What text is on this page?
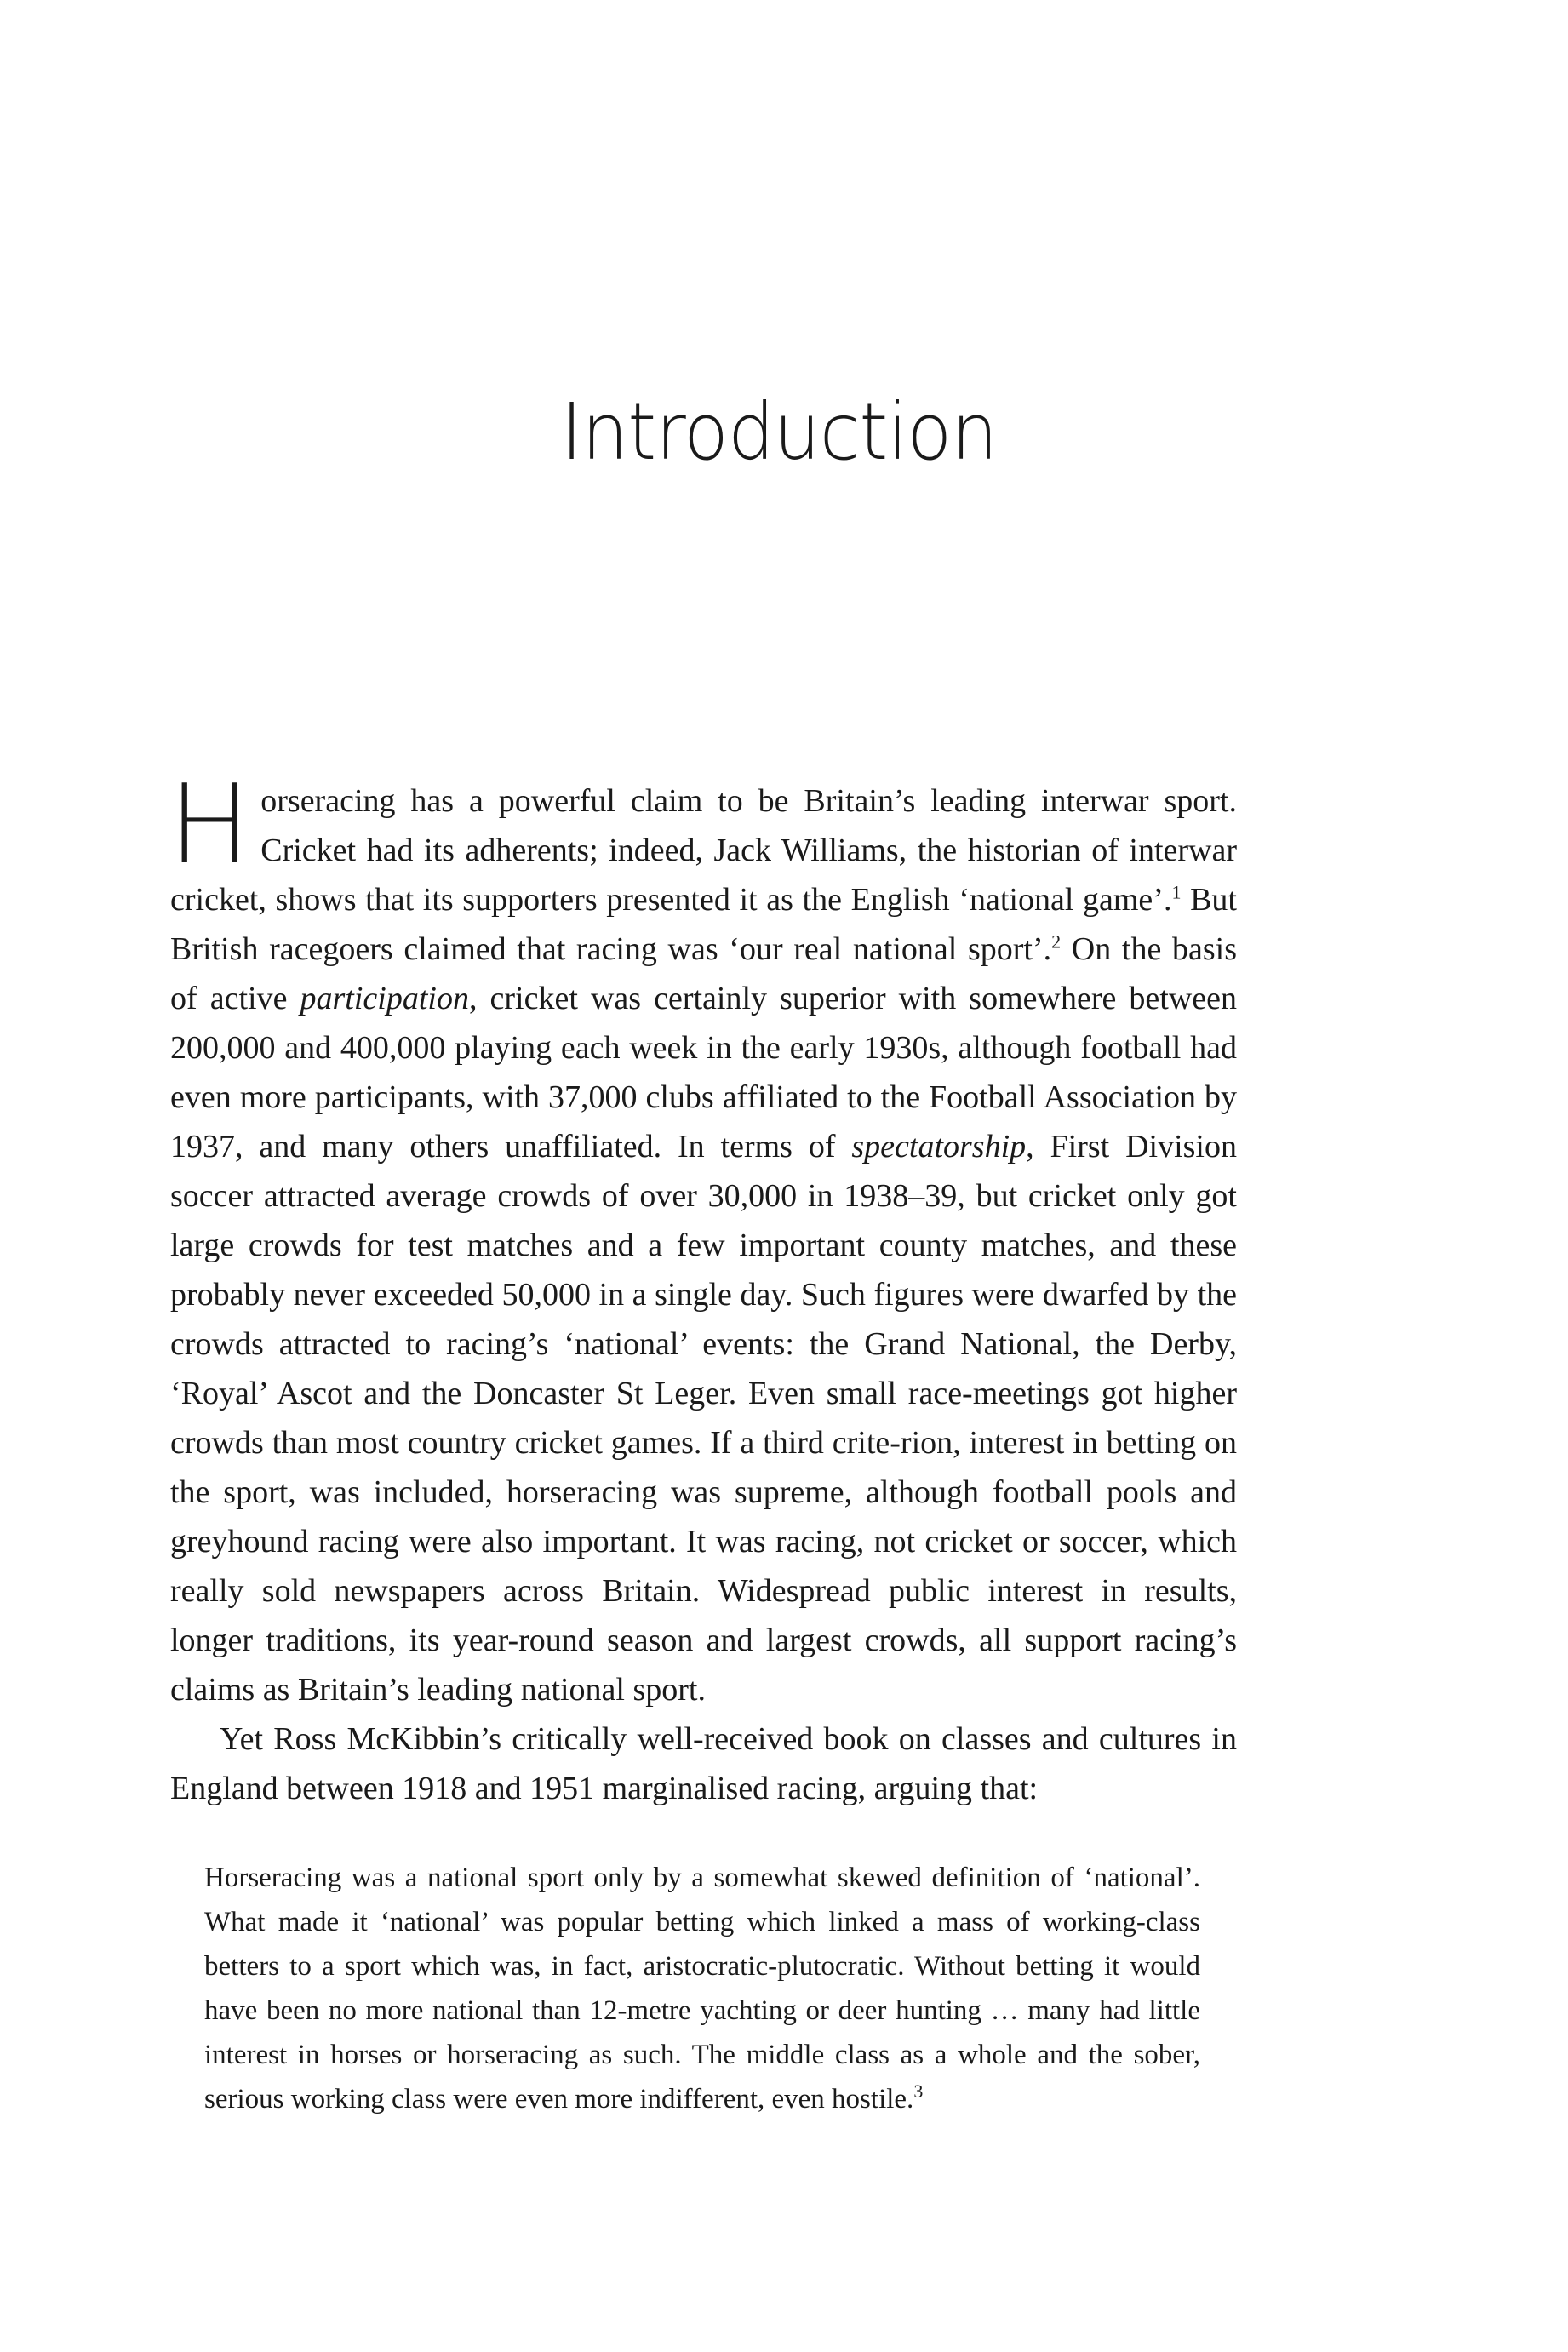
Introduction

Horseracing has a powerful claim to be Britain’s leading interwar sport. Cricket had its adherents; indeed, Jack Williams, the historian of interwar cricket, shows that its supporters presented it as the English ‘national game’.$^1$ But British racegoers claimed that racing was ‘our real national sport’.$^2$ On the basis of active participation, cricket was certainly superior with somewhere between 200,000 and 400,000 playing each week in the early 1930s, although football had even more participants, with 37,000 clubs affiliated to the Football Association by 1937, and many others unaffiliated. In terms of spectatorship, First Division soccer attracted average crowds of over 30,000 in 1938–39, but cricket only got large crowds for test matches and a few important county matches, and these probably never exceeded 50,000 in a single day. Such figures were dwarfed by the crowds attracted to racing’s ‘national’ events: the Grand National, the Derby, ‘Royal’ Ascot and the Doncaster St Leger. Even small race-meetings got higher crowds than most country cricket games. If a third crite-rion, interest in betting on the sport, was included, horseracing was supreme, although football pools and greyhound racing were also important. It was racing, not cricket or soccer, which really sold newspapers across Britain. Widespread public interest in results, longer traditions, its year-round season and largest crowds, all support racing’s claims as Britain’s leading national sport.

Yet Ross McKibbin’s critically well-received book on classes and cultures in England between 1918 and 1951 marginalised racing, arguing that:

Horseracing was a national sport only by a somewhat skewed definition of ‘national’. What made it ‘national’ was popular betting which linked a mass of working-class betters to a sport which was, in fact, aristocratic-plutocratic. Without betting it would have been no more national than 12-metre yachting or deer hunting … many had little interest in horses or horseracing as such. The middle class as a whole and the sober, serious working class were even more indifferent, even hostile.$^3$
